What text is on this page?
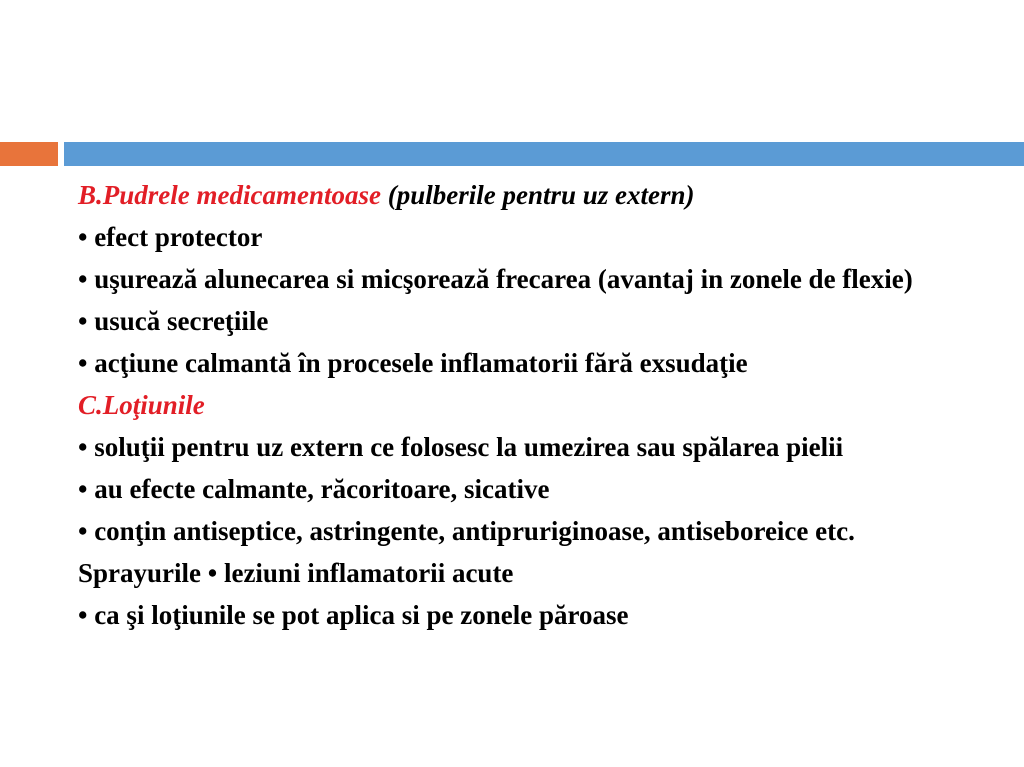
B.Pudrele medicamentoase (pulberile pentru uz extern)
• efect protector
• uşurează alunecarea si micşorează frecarea (avantaj in zonele de flexie)
• usucă secreţiile
• acţiune calmantă în procesele inflamatorii fără exsudaţie
C.Loţiunile
• soluţii pentru uz extern ce folosesc la umezirea sau spălarea pielii
• au efecte calmante, răcoritoare, sicative
• conţin antiseptice, astringente, antipruriginoase, antiseboreice etc.
Sprayurile • leziuni inflamatorii acute
• ca şi loţiunile se pot aplica si pe zonele păroase
